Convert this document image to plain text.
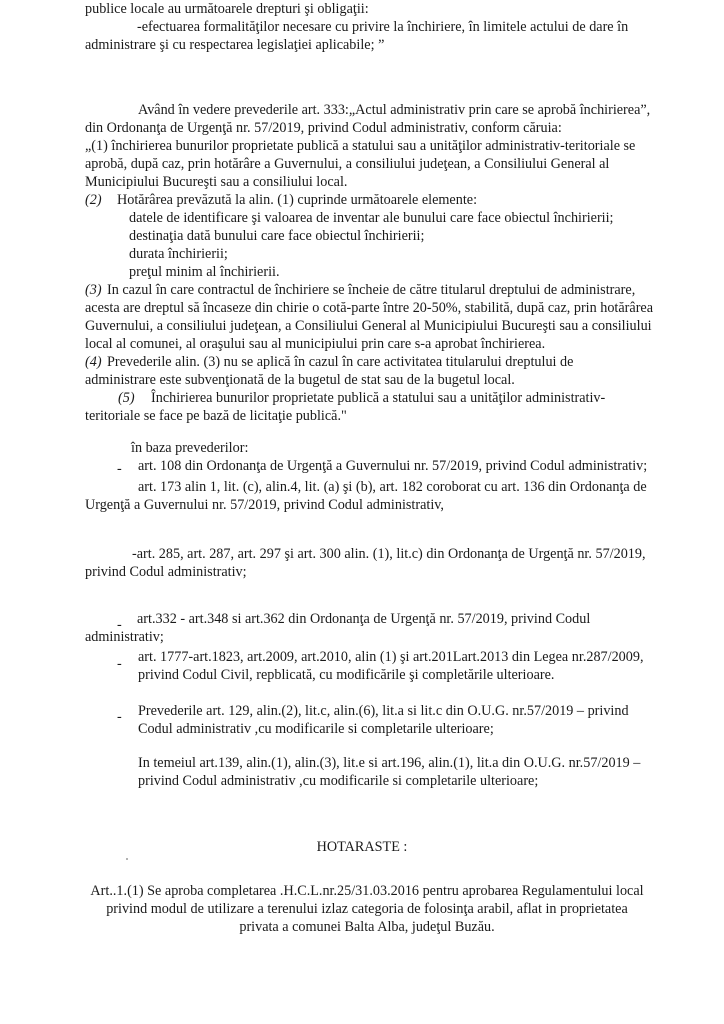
publice locale au următoarele drepturi şi obligaţii:
-efectuarea formalităţilor necesare cu privire la închiriere, în limitele actului de dare în
administrare şi cu respectarea legislaţiei aplicabile; ”
Având în vedere prevederile art. 333:„Actul administrativ prin care se aprobă închirierea”,
din Ordonanţa de Urgenţă nr. 57/2019, privind Codul administrativ, conform căruia:
„(1) închirierea bunurilor proprietate publică a statului sau a unităţilor administrativ-teritoriale se
aprobă, după caz, prin hotărâre a Guvernului, a consiliului judeţean, a Consiliului General al
Municipiului Bucureşti sau a consiliului local.
(2) Hotărârea prevăzută la alin. (1) cuprinde următoarele elemente:
datele de identificare şi valoarea de inventar ale bunului care face obiectul închirierii;
destinaţia dată bunului care face obiectul închirierii;
durata închirierii;
preţul minim al închirierii.
(3) In cazul în care contractul de închiriere se încheie de către titularul dreptului de administrare,
acesta are dreptul să încaseze din chirie o cotă-parte între 20-50%, stabilită, după caz, prin hotărârea
Guvernului, a consiliului judeţean, a Consiliului General al Municipiului Bucureşti sau a consiliului
local al comunei, al oraşului sau al municipiului prin care s-a aprobat închirierea.
(4) Prevederile alin. (3) nu se aplică în cazul în care activitatea titularului dreptului de
administrare este subvenţionată de la bugetul de stat sau de la bugetul local.
(5) Închirierea bunurilor proprietate publică a statului sau a unităţilor administrativ-
teritoriale se face pe bază de licitaţie publică."
în baza prevederilor:
- art. 108 din Ordonanţa de Urgenţă a Guvernului nr. 57/2019, privind Codul administrativ;
art. 173 alin 1, lit. (c), alin.4, lit. (a) şi (b), art. 182 coroborat cu art. 136 din Ordonanţa de
Urgenţă a Guvernului nr. 57/2019, privind Codul administrativ,
-art. 285, art. 287, art. 297 şi art. 300 alin. (1), lit.c) din Ordonanţa de Urgenţă nr. 57/2019,
privind Codul administrativ;
- art.332 - art.348 si art.362 din Ordonanţa de Urgenţă nr. 57/2019, privind Codul
administrativ;
- art. 1777-art.1823, art.2009, art.2010, alin (1) şi art.201Lart.2013 din Legea nr.287/2009,
privind Codul Civil, repblicată, cu modificările şi completările ulterioare.
- Prevederile art. 129, alin.(2), lit.c, alin.(6), lit.a si lit.c din O.U.G. nr.57/2019 – privind
Codul administrativ ,cu modificarile si completarile ulterioare;
In temeiul art.139, alin.(1), alin.(3), lit.e si art.196, alin.(1), lit.a din O.U.G. nr.57/2019 –
privind Codul administrativ ,cu modificarile si completarile ulterioare;
HOTARASTE :
Art..1.(1) Se aproba completarea .H.C.L.nr.25/31.03.2016 pentru aprobarea Regulamentului local
privind modul de utilizare a terenului izlaz categoria de folosinţa arabil, aflat in proprietatea
privata a comunei Balta Alba, judeţul Buzău.
